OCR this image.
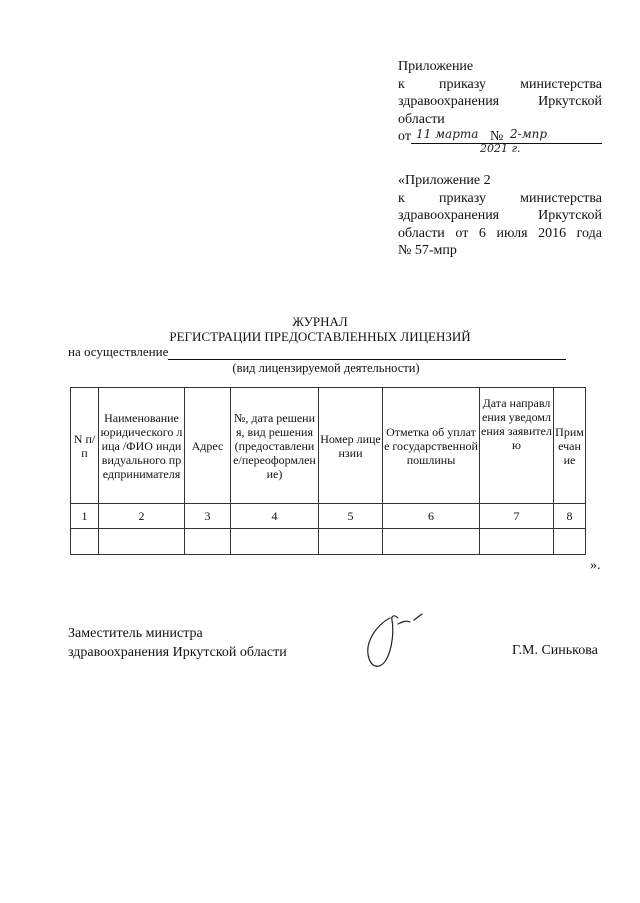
Приложение
к приказу министерства
здравоохранения Иркутской
области
от 11 марта № 2-мпр
2021 г.
«Приложение 2
к приказу министерства
здравоохранения Иркутской
области от 6 июля 2016 года
№ 57-мпр
ЖУРНАЛ
РЕГИСТРАЦИИ ПРЕДОСТАВЛЕННЫХ ЛИЦЕНЗИЙ
на осуществление
(вид лицензируемой деятельности)
N п/п	Наименование юридического лица /ФИО индивидуального предпринимателя	Адрес	№, дата решения, вид решения (предоставление/переоформление)	Номер лицензии	Отметка об уплате государственной пошлины	Дата направления уведомления заявителю	Примечание
1	2	3	4	5	6	7	8

».
Заместитель министра
здравоохранения Иркутской области	Г.М. Синькова
